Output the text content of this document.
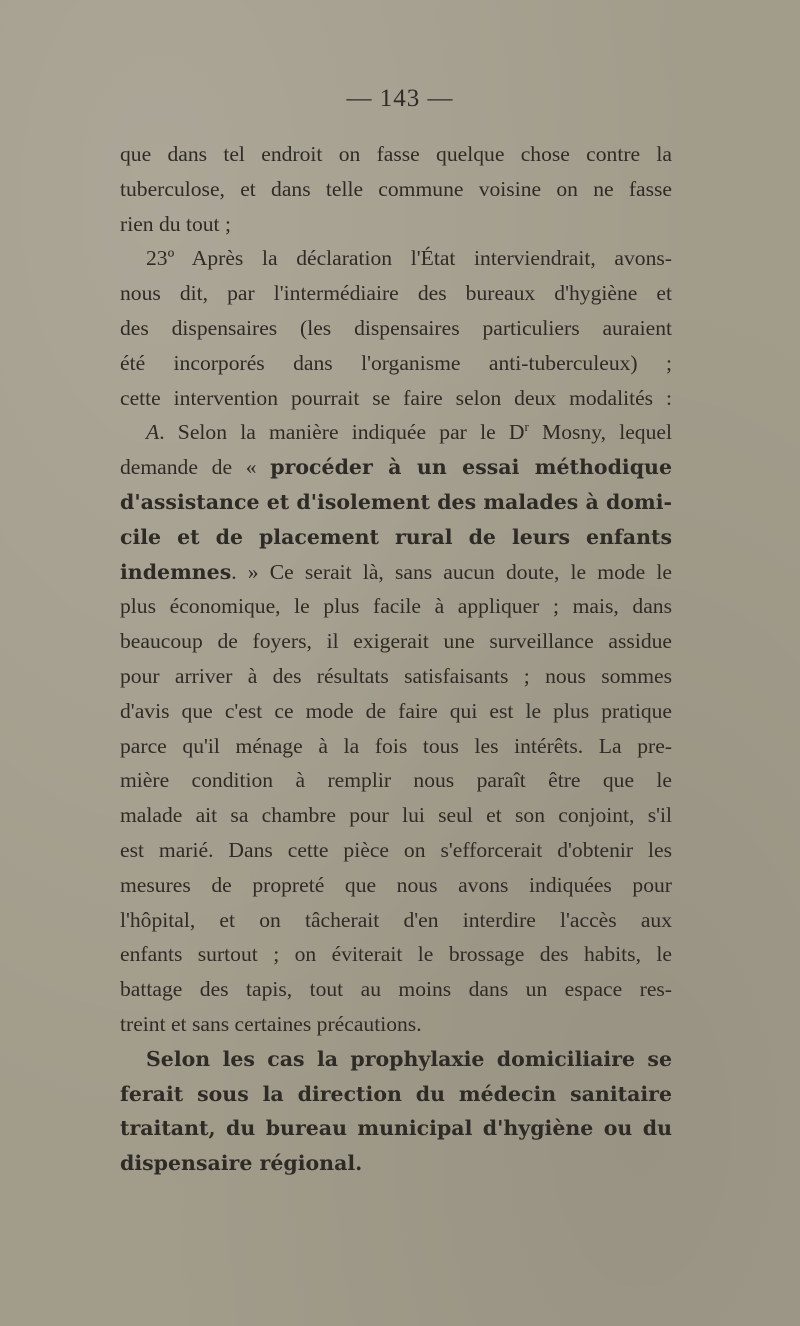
— 143 —
que dans tel endroit on fasse quelque chose contre la
tuberculose, et dans telle commune voisine on ne fasse
rien du tout ;
23º Après la déclaration l'État interviendrait, avons-
nous dit, par l'intermédiaire des bureaux d'hygiène et
des dispensaires (les dispensaires particuliers auraient
été incorporés dans l'organisme anti-tuberculeux) ;
cette intervention pourrait se faire selon deux modalités :
A. Selon la manière indiquée par le $D^r$ Mosny, lequel
demande de « procéder à un essai méthodique
d'assistance et d'isolement des malades à domi-
cile et de placement rural de leurs enfants
indemnes. » Ce serait là, sans aucun doute, le mode le
plus économique, le plus facile à appliquer ; mais, dans
beaucoup de foyers, il exigerait une surveillance assidue
pour arriver à des résultats satisfaisants ; nous sommes
d'avis que c'est ce mode de faire qui est le plus pratique
parce qu'il ménage à la fois tous les intérêts. La pre-
mière condition à remplir nous paraît être que le
malade ait sa chambre pour lui seul et son conjoint, s'il
est marié. Dans cette pièce on s'efforcerait d'obtenir les
mesures de propreté que nous avons indiquées pour
l'hôpital, et on tâcherait d'en interdire l'accès aux
enfants surtout ; on éviterait le brossage des habits, le
battage des tapis, tout au moins dans un espace res-
treint et sans certaines précautions.
Selon les cas la prophylaxie domiciliaire se
ferait sous la direction du médecin sanitaire
traitant, du bureau municipal d'hygiène ou du
dispensaire régional.
